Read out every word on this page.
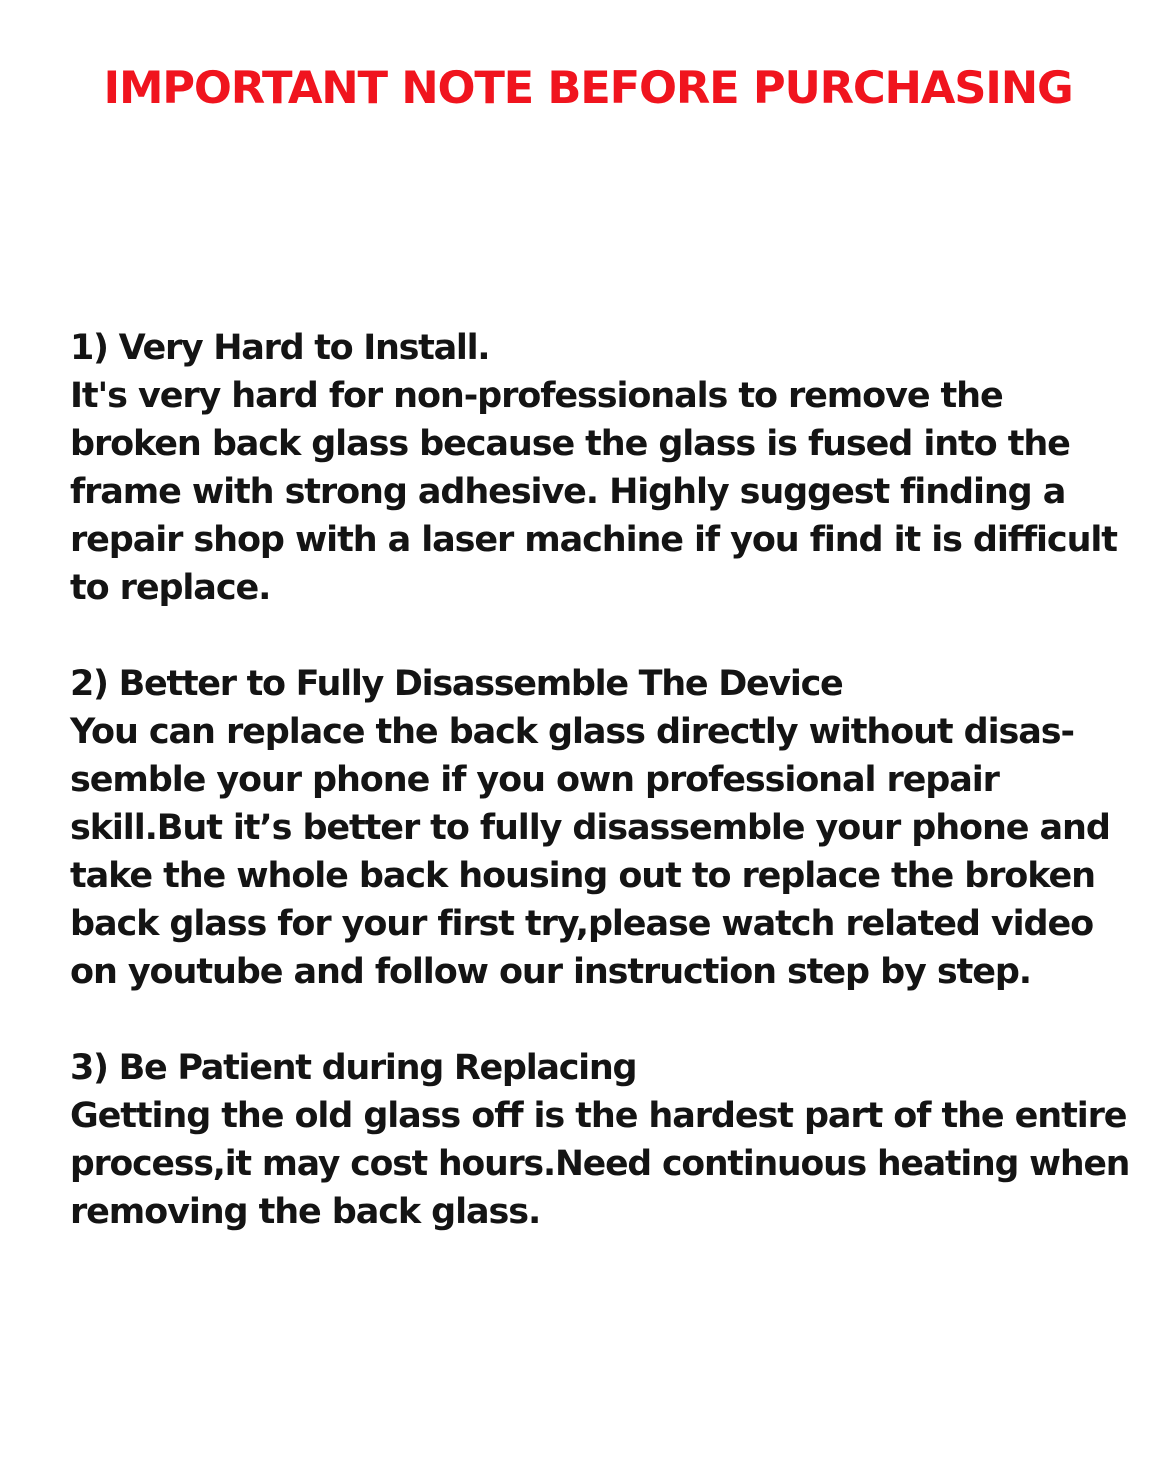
IMPORTANT NOTE BEFORE PURCHASING
1) Very Hard to Install.
It's very hard for non-professionals to remove the
broken back glass because the glass is fused into the
frame with strong adhesive. Highly suggest finding a
repair shop with a laser machine if you find it is difficult
to replace.
2) Better to Fully Disassemble The Device
You can replace the back glass directly without disas-
semble your phone if you own professional repair
skill.But it’s better to fully disassemble your phone and
take the whole back housing out to replace the broken
back glass for your first try,please watch related video
on youtube and follow our instruction step by step.
3) Be Patient during Replacing
Getting the old glass off is the hardest part of the entire
process,it may cost hours.Need continuous heating when
removing the back glass.
